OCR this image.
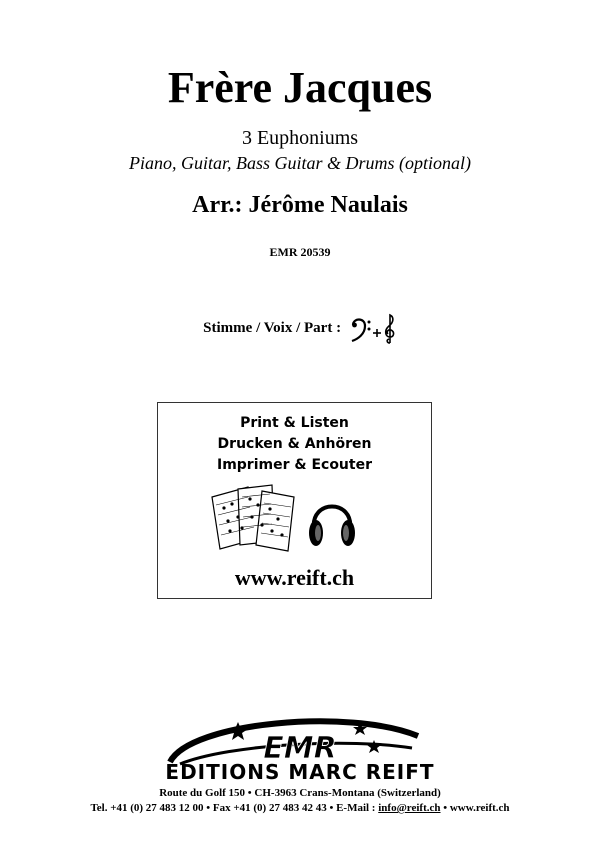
Frère Jacques
3 Euphoniums
Piano, Guitar, Bass Guitar & Drums (optional)
Arr.: Jérôme Naulais
EMR 20539
Stimme / Voix / Part :
Print & Listen
Drucken & Anhören
Imprimer & Ecouter
www.reift.ch
EMR
EDITIONS MARC REIFT
Route du Golf 150 • CH-3963 Crans-Montana (Switzerland)
Tel. +41 (0) 27 483 12 00 • Fax +41 (0) 27 483 42 43 • E-Mail : info@reift.ch • www.reift.ch
